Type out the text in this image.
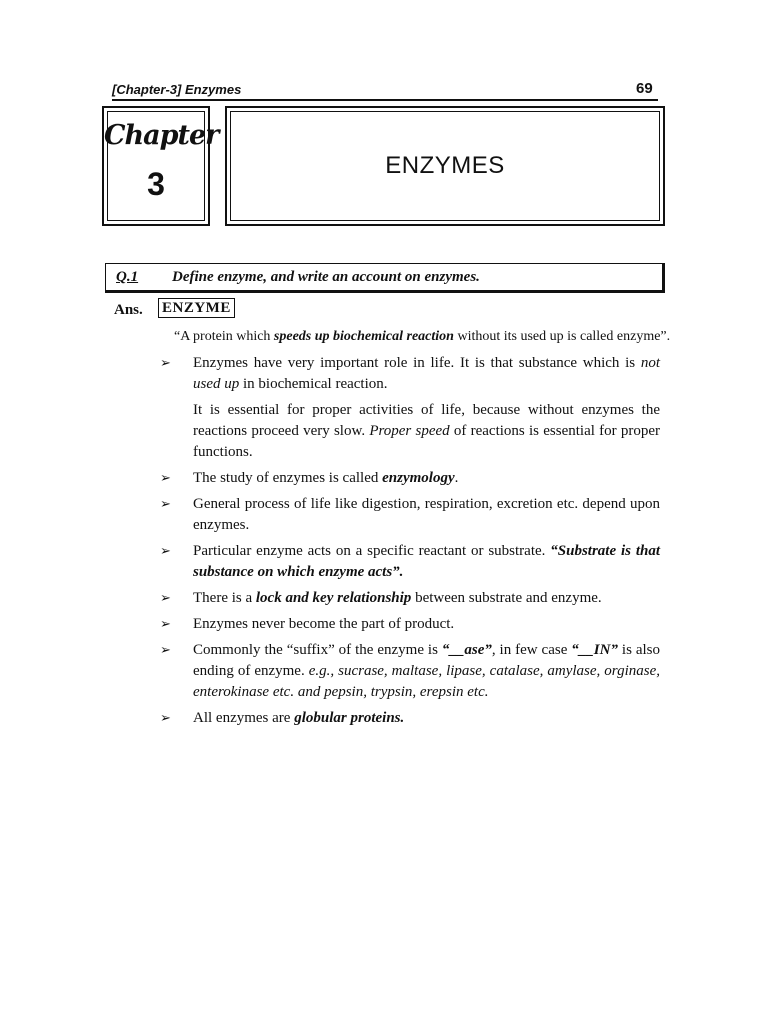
[Chapter-3] Enzymes	69
Chapter
3
ENZYMES
Q.1 Define enzyme, and write an account on enzymes.
Ans. ENZYME
“A protein which speeds up biochemical reaction without its used up is called enzyme”.
➢ Enzymes have very important role in life. It is that substance which is not used up in biochemical reaction.
It is essential for proper activities of life, because without enzymes the reactions proceed very slow. Proper speed of reactions is essential for proper functions.
➢ The study of enzymes is called enzymology.
➢ General process of life like digestion, respiration, excretion etc. depend upon enzymes.
➢ Particular enzyme acts on a specific reactant or substrate. “Substrate is that substance on which enzyme acts”.
➢ There is a lock and key relationship between substrate and enzyme.
➢ Enzymes never become the part of product.
➢ Commonly the “suffix” of the enzyme is “__ase”, in few case “__IN” is also ending of enzyme. e.g., sucrase, maltase, lipase, catalase, amylase, orginase, enterokinase etc. and pepsin, trypsin, erepsin etc.
➢ All enzymes are globular proteins.
